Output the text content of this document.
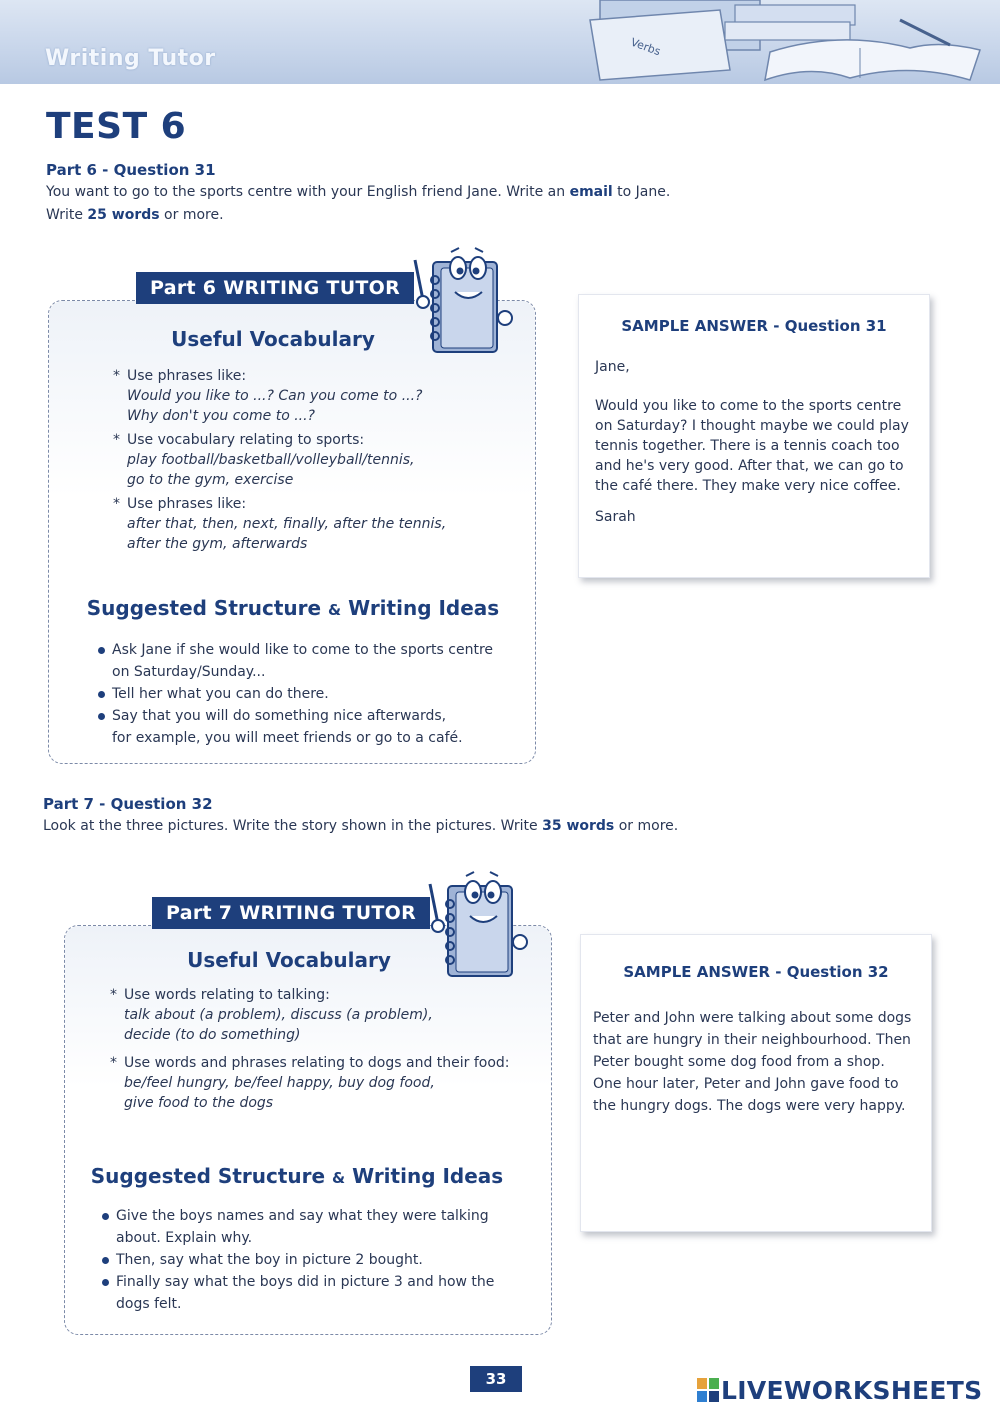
Writing Tutor	Verbs
TEST 6
Part 6 - Question 31
You want to go to the sports centre with your English friend Jane. Write an email to Jane.
Write 25 words or more.
Part 6 WRITING TUTOR
Useful Vocabulary
* Use phrases like:
Would you like to ...? Can you come to ...?
Why don't you come to ...?
* Use vocabulary relating to sports:
play football/basketball/volleyball/tennis,
go to the gym, exercise
* Use phrases like:
after that, then, next, finally, after the tennis,
after the gym, afterwards
Suggested Structure & Writing Ideas
Ask Jane if she would like to come to the sports centre
on Saturday/Sunday...
Tell her what you can do there.
Say that you will do something nice afterwards,
for example, you will meet friends or go to a café.
SAMPLE ANSWER - Question 31
Jane,
Would you like to come to the sports centre on Saturday? I thought maybe we could play tennis together. There is a tennis coach too and he's very good. After that, we can go to the café there. They make very nice coffee.
Sarah
Part 7 - Question 32
Look at the three pictures. Write the story shown in the pictures. Write 35 words or more.
Part 7 WRITING TUTOR
Useful Vocabulary
* Use words relating to talking:
talk about (a problem), discuss (a problem),
decide (to do something)
* Use words and phrases relating to dogs and their food:
be/feel hungry, be/feel happy, buy dog food,
give food to the dogs
Suggested Structure & Writing Ideas
Give the boys names and say what they were talking
about. Explain why.
Then, say what the boy in picture 2 bought.
Finally say what the boys did in picture 3 and how the
dogs felt.
SAMPLE ANSWER - Question 32
Peter and John were talking about some dogs that are hungry in their neighbourhood. Then Peter bought some dog food from a shop. One hour later, Peter and John gave food to the hungry dogs. The dogs were very happy.
33	LIVEWORKSHEETS
